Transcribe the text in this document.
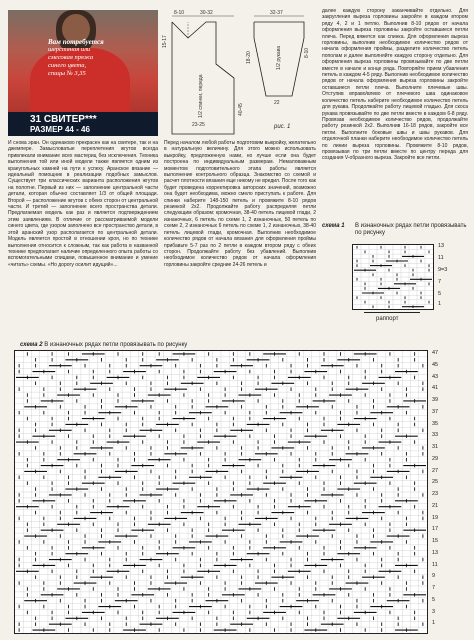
Вам потребуется
шерстяная или
смесовая пряжа
синего цвета,
спицы № 3,35
31 СВИТЕР***
РАЗМЕР 44 - 46
8-10	30-32	32-37
15-17
1/2 спинки, переда
18-20	1/2 рукава
40-45
23-25
22
8-10
рис. 1

далее каждую сторону заканчивайте отдельно. Для закругления выреза горловины закройте в каждом втором ряду 4, 2 и 1 петлю. Выполнив 8-10 рядов от начала оформления выреза горловины закройте оставшиеся петли плеча. Перед вяжется как спинка. Для оформления выреза горловины, выполнив необходимое количество рядов от начала оформления проймы, разделите количество петель пополам и далее выполняйте каждую сторону отдельно. Для оформления выреза горловины провязывайте по две петли вместе в начале и конце ряда. Повторяйте прием убавления петель в каждом 4-5 ряду. Выполнив необходимое количество рядов от начала оформления выреза горловины закройте оставшиеся петли плеча. Выполните плечевые швы. Отступив вправо/влево от плечевого шва одинаковое количество петель наберите необходимое количество петель для рукава. Продолжайте работу лицевой гладью. Для скоса рукава провязывайте по две петли вместе в каждом 6-8 ряду. Провязав необходимое количество рядов, продолжайте работу резинкой 2х2. Выполнив 16-18 рядов, закройте все петли. Выполните боковые швы и швы рукавов. Для отделочной планки наберите необходимое количество петель по линии выреза горловины. Провяжите 8-10 рядов, провязывая по три петли вместе по центру переда для создания V-образного выреза. Закройте все петли.

И снова эран. Он одинаково прекрасен как на свитере, так и на джемпере. Замысловатые переплетения жгутов всегда привлекали внимание всех мастериц без исключения. Техника выполнения той или иной модели также является одним из краеугольных камней на пути к успеху. Аранское вязание — идеальный помощник в реализации подобных замыслов. Существует три классических варианта расположения жгутов на полотне. Первый из них — заполнение центральной части детали, которая обычно составляет 1/3 от общей площади. Второй — расположение жгутов с обеих сторон от центральной части. И третий — заполнение всего пространства детали. Предлагаемая модель как раз и является подтверждением этим заявлениям. В отличие от рассматриваемой модели синего цвета, где узором заполнено все пространство детали, в этой аранский узор располагается по центральной детали. Модель является простой в отношении кроя, но по технике выполнения относится к сложным, так как работа в названной технике предполагает наличие определенного опыта работы со вспомогательными спицами, повышенное внимание и умение «читать» схемы. «Но дорогу осилит идущий»...

Перед началом любой работы подготовим выкройку, желательно в натуральную величину. Для этого можно использовать выкройку, предложенную нами, но лучше если она будет построена по индивидуальным размерам. Немаловажным моментом подготовительного этапа работы является выполнение контрольного образца. Знакомство со схемой и расчет плотности вязания еще никому не вредил. После того как будет проведена корректировка авторских значений, возможно она будет необходима, можно смело приступать к работе. Для спинки наберите 148-150 петель и провяжите 8-10 рядов резинкой 2х2. Продолжайте работу распределяя петли следующим образом: кромочная, 38-40 петель лицевой глади, 2 изнаночных, 6 петель по схеме 1, 2 изнаночных, 50 петель по схеме 2, 2 изнаночных 6 петель по схеме 1, 2 изнаночных, 38-40 петель лицевой глади, кромочная. Выполнив необходимое количество рядов от начала вязания для оформления проймы прибавьте 5-7 раз по 2 петли в каждом втором ряду с обеих сторон. Продолжайте работу без убавлений. Выполнив необходимое количество рядов от начала оформления горловины закройте средние 24-26 петель и

схема 1 В изнаночных рядах петли провязывать по рисунку
13
11
9=3
7
5
1
раппорт
схема 2 В изнаночных рядах петли провязывать по рисунку
47
45
43
41
39
37
35
33
31
29
27
25
23
21
19
17
15
13
11
9
7
5
3
1
